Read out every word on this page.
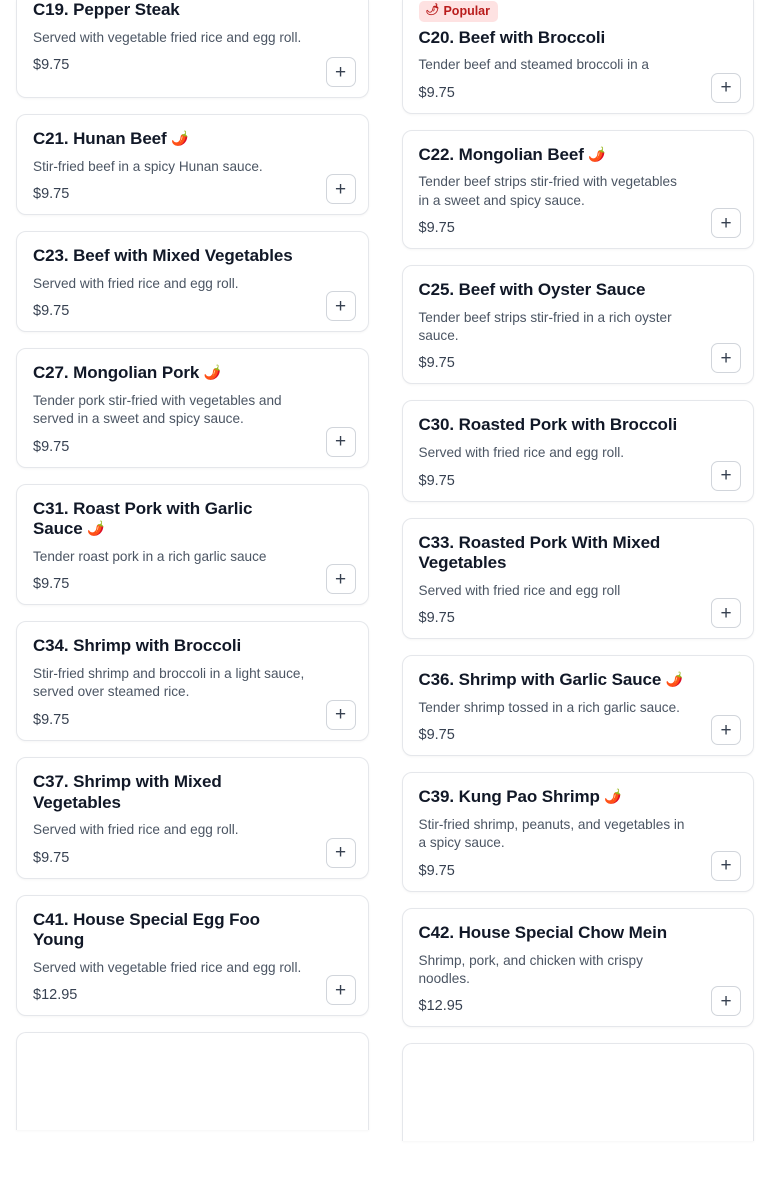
C19. Pepper Steak

Served with vegetable fried rice and egg roll.

$9.75	+
C21. Hunan Beef 🌶️

Stir-fried beef in a spicy Hunan sauce.

$9.75	+
C23. Beef with Mixed Vegetables

Served with fried rice and egg roll.

$9.75	+
C27. Mongolian Pork 🌶️

Tender pork stir-fried with vegetables and served in a sweet and spicy sauce.

$9.75	+
C31. Roast Pork with Garlic Sauce 🌶️

Tender roast pork in a rich garlic sauce

$9.75	+
C34. Shrimp with Broccoli

Stir-fried shrimp and broccoli in a light sauce, served over steamed rice.

$9.75	+
C37. Shrimp with Mixed Vegetables

Served with fried rice and egg roll.

$9.75	+
C41. House Special Egg Foo Young

Served with vegetable fried rice and egg roll.

$12.95	+
🌶 Popular
C20. Beef with Broccoli

Tender beef and steamed broccoli in a

$9.75	+
C22. Mongolian Beef 🌶️

Tender beef strips stir-fried with vegetables in a sweet and spicy sauce.

$9.75	+
C25. Beef with Oyster Sauce

Tender beef strips stir-fried in a rich oyster sauce.

$9.75	+
C30. Roasted Pork with Broccoli

Served with fried rice and egg roll.

$9.75	+
C33. Roasted Pork With Mixed Vegetables

Served with fried rice and egg roll

$9.75	+
C36. Shrimp with Garlic Sauce 🌶️

Tender shrimp tossed in a rich garlic sauce.

$9.75	+
C39. Kung Pao Shrimp 🌶️

Stir-fried shrimp, peanuts, and vegetables in a spicy sauce.

$9.75	+
C42. House Special Chow Mein

Shrimp, pork, and chicken with crispy noodles.

$12.95	+
